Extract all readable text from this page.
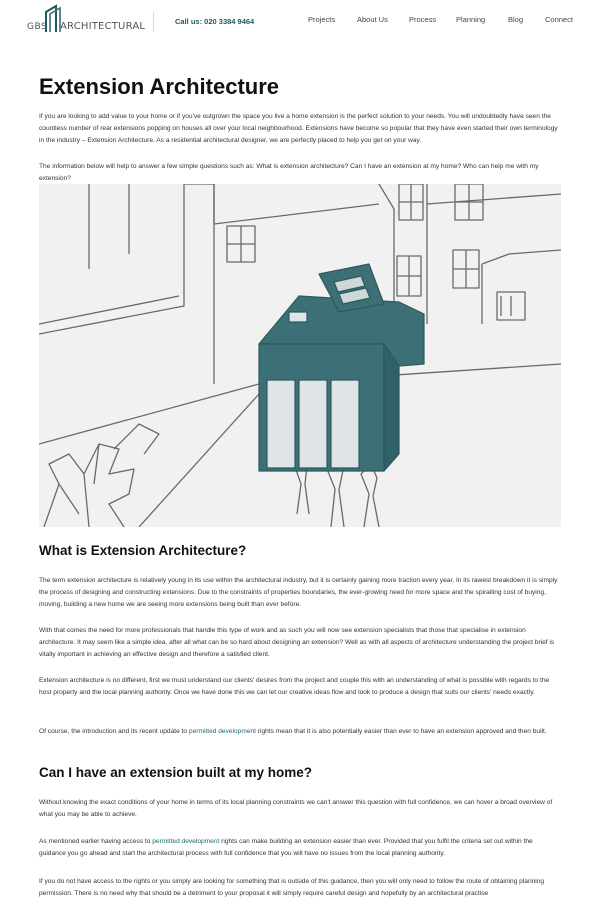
GBS ARCHITECTURAL	Call us: 020 3384 9464	Projects	About Us	Process	Planning	Blog	Connect
Extension Architecture

If you are looking to add value to your home or if you've outgrown the space you live a home extension is the perfect solution to your needs. You will undoubtedly have seen the countless number of rear extensions popping on houses all over your local neighbourhood. Extensions have become so popular that they have even started their own terminology in the industry – Extension Architecture. As a residential architectural designer, we are perfectly placed to help you get on your way.

The information below will help to answer a few simple questions such as: What is extension architecture? Can I have an extension at my home? Who can help me with my extension?

What is Extension Architecture?

The term extension architecture is relatively young in its use within the architectural industry, but it is certainly gaining more traction every year. In its rawest breakdown it is simply the process of designing and constructing extensions. Due to the constraints of properties boundaries, the ever-growing need for more space and the spiralling cost of buying, moving, building a new home we are seeing more extensions being built than ever before.

With that comes the need for more professionals that handle this type of work and as such you will now see extension specialists that those that specialise in extension architecture. It may seem like a simple idea, after all what can be so hard about designing an extension? Well as with all aspects of architecture understanding the project brief is vitally important in achieving an effective design and therefore a satisfied client.

Extension architecture is no different, first we must understand our clients' desires from the project and couple this with an understanding of what is possible with regards to the host property and the local planning authority. Once we have done this we can let our creative ideas flow and look to produce a design that suits our clients' needs exactly.

Of course, the introduction and its recent update to permitted development rights mean that it is also potentially easier than ever to have an extension approved and then built.

Can I have an extension built at my home?

Without knowing the exact conditions of your home in terms of its local planning constraints we can't answer this question with full confidence, we can hover a broad overview of what you may be able to achieve.

As mentioned earlier having access to permitted development rights can make building an extension easier than ever. Provided that you fulfil the criteria set out within the guidance you go ahead and start the architectural process with full confidence that you will have no issues from the local planning authority.

If you do not have access to the rights or you simply are looking for something that is outside of this guidance, then you will only need to follow the route of obtaining planning permission. There is no need why that should be a detriment to your proposal it will simply require careful design and hopefully by an architectural practise
